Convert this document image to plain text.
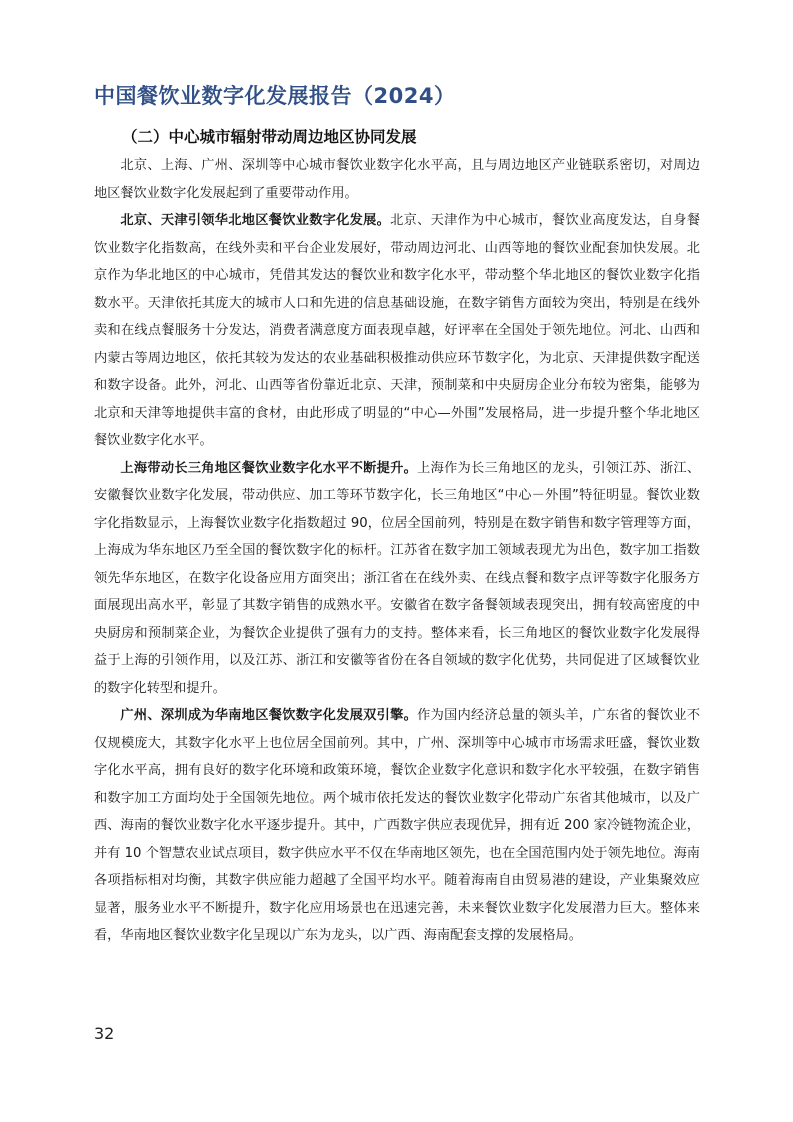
中国餐饮业数字化发展报告（2024）
（二）中心城市辐射带动周边地区协同发展

北京、上海、广州、深圳等中心城市餐饮业数字化水平高，且与周边地区产业链联系密切，对周边地区餐饮业数字化发展起到了重要带动作用。

北京、天津引领华北地区餐饮业数字化发展。北京、天津作为中心城市，餐饮业高度发达，自身餐饮业数字化指数高，在线外卖和平台企业发展好，带动周边河北、山西等地的餐饮业配套加快发展。北京作为华北地区的中心城市，凭借其发达的餐饮业和数字化水平，带动整个华北地区的餐饮业数字化指数水平。天津依托其庞大的城市人口和先进的信息基础设施，在数字销售方面较为突出，特别是在线外卖和在线点餐服务十分发达，消费者满意度方面表现卓越，好评率在全国处于领先地位。河北、山西和内蒙古等周边地区，依托其较为发达的农业基础积极推动供应环节数字化，为北京、天津提供数字配送和数字设备。此外，河北、山西等省份靠近北京、天津，预制菜和中央厨房企业分布较为密集，能够为北京和天津等地提供丰富的食材，由此形成了明显的“中心—外围”发展格局，进一步提升整个华北地区餐饮业数字化水平。

上海带动长三角地区餐饮业数字化水平不断提升。上海作为长三角地区的龙头，引领江苏、浙江、安徽餐饮业数字化发展，带动供应、加工等环节数字化，长三角地区“中心－外围”特征明显。餐饮业数字化指数显示，上海餐饮业数字化指数超过 90，位居全国前列，特别是在数字销售和数字管理等方面，上海成为华东地区乃至全国的餐饮数字化的标杆。江苏省在数字加工领域表现尤为出色，数字加工指数领先华东地区，在数字化设备应用方面突出；浙江省在在线外卖、在线点餐和数字点评等数字化服务方面展现出高水平，彰显了其数字销售的成熟水平。安徽省在数字备餐领域表现突出，拥有较高密度的中央厨房和预制菜企业，为餐饮企业提供了强有力的支持。整体来看，长三角地区的餐饮业数字化发展得益于上海的引领作用，以及江苏、浙江和安徽等省份在各自领域的数字化优势，共同促进了区域餐饮业的数字化转型和提升。

广州、深圳成为华南地区餐饮数字化发展双引擎。作为国内经济总量的领头羊，广东省的餐饮业不仅规模庞大，其数字化水平上也位居全国前列。其中，广州、深圳等中心城市市场需求旺盛，餐饮业数字化水平高，拥有良好的数字化环境和政策环境，餐饮企业数字化意识和数字化水平较强，在数字销售和数字加工方面均处于全国领先地位。两个城市依托发达的餐饮业数字化带动广东省其他城市，以及广西、海南的餐饮业数字化水平逐步提升。其中，广西数字供应表现优异，拥有近 200 家冷链物流企业，并有 10 个智慧农业试点项目，数字供应水平不仅在华南地区领先，也在全国范围内处于领先地位。海南各项指标相对均衡，其数字供应能力超越了全国平均水平。随着海南自由贸易港的建设，产业集聚效应显著，服务业水平不断提升，数字化应用场景也在迅速完善，未来餐饮业数字化发展潜力巨大。整体来看，华南地区餐饮业数字化呈现以广东为龙头，以广西、海南配套支撑的发展格局。

32
